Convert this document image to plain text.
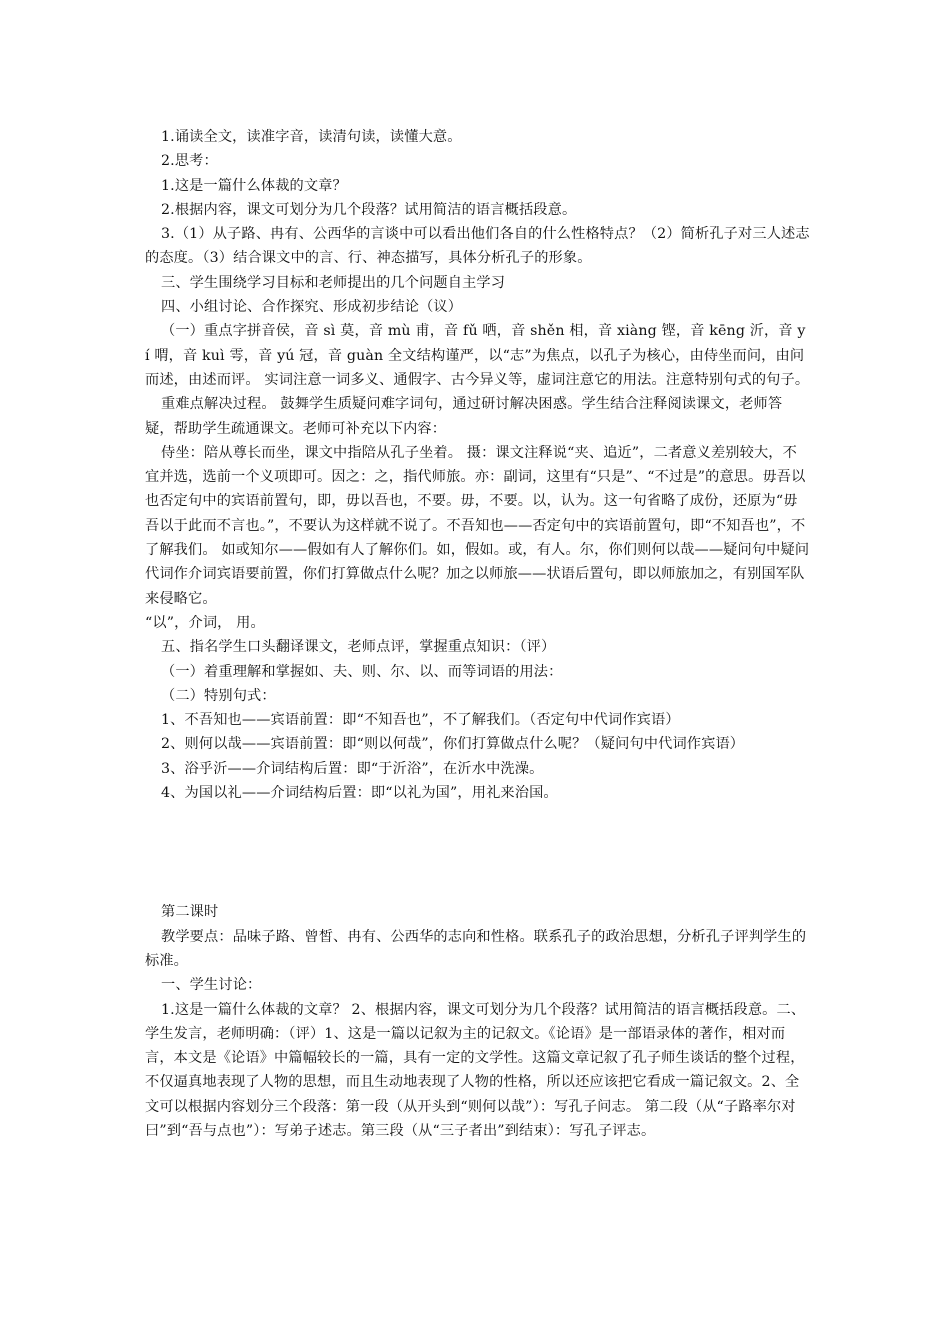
1.诵读全文，读准字音，读清句读，读懂大意。

2.思考：

1.这是一篇什么体裁的文章？

2.根据内容，课文可划分为几个段落？试用简洁的语言概括段意。

3.（1）从子路、冉有、公西华的言谈中可以看出他们各自的什么性格特点？（2）简析孔子对三人述志的态度。（3）结合课文中的言、行、神态描写，具体分析孔子的形象。

三、学生围绕学习目标和老师提出的几个问题自主学习

四、小组讨论、合作探究、形成初步结论（议）

（一）重点字拼音侯，音 sì 莫，音 mù 甫，音 fǔ 哂，音 shěn 相，音 xiàng 铿，音 kēng 沂，音 yí 喟，音 kuì 雩，音 yú 冠，音 guàn 全文结构谨严，以“志”为焦点，以孔子为核心，由侍坐而问，由问而述，由述而评。 实词注意一词多义、通假字、古今异义等，虚词注意它的用法。注意特别句式的句子。

重难点解决过程。 鼓舞学生质疑问难字词句，通过研讨解决困惑。学生结合注释阅读课文，老师答疑，帮助学生疏通课文。老师可补充以下内容：

侍坐：陪从尊长而坐，课文中指陪从孔子坐着。 摄：课文注释说“夹、追近”，二者意义差别较大，不宜并选，选前一个义项即可。因之：之，指代师旅。亦：副词，这里有“只是”、“不过是”的意思。毋吾以也否定句中的宾语前置句，即，毋以吾也，不要。毋，不要。以，认为。这一句省略了成份，还原为“毋吾以于此而不言也。”，不要认为这样就不说了。不吾知也——否定句中的宾语前置句，即“不知吾也”，不了解我们。 如或知尔——假如有人了解你们。如，假如。或，有人。尔，你们则何以哉——疑问句中疑问代词作介词宾语要前置，你们打算做点什么呢？加之以师旅——状语后置句，即以师旅加之，有别国军队来侵略它。

“以”，介词， 用。

五、指名学生口头翻译课文，老师点评，掌握重点知识：（评）

（一）着重理解和掌握如、夫、则、尔、以、而等词语的用法：

（二）特别句式：

1、不吾知也——宾语前置：即“不知吾也”，不了解我们。（否定句中代词作宾语）

2、则何以哉——宾语前置：即“则以何哉”，你们打算做点什么呢？（疑问句中代词作宾语）

3、浴乎沂——介词结构后置：即“于沂浴”，在沂水中洗澡。

4、为国以礼——介词结构后置：即“以礼为国”，用礼来治国。

第二课时

教学要点：品味子路、曾皙、冉有、公西华的志向和性格。联系孔子的政治思想，分析孔子评判学生的标准。

一、学生讨论：

1.这是一篇什么体裁的文章？ 2、根据内容，课文可划分为几个段落？试用简洁的语言概括段意。二、学生发言，老师明确：（评）1、这是一篇以记叙为主的记叙文。《论语》是一部语录体的著作，相对而言，本文是《论语》中篇幅较长的一篇，具有一定的文学性。这篇文章记叙了孔子师生谈话的整个过程，不仅逼真地表现了人物的思想，而且生动地表现了人物的性格，所以还应该把它看成一篇记叙文。2、全文可以根据内容划分三个段落：第一段（从开头到“则何以哉”）：写孔子问志。 第二段（从“子路率尔对曰”到“吾与点也”）：写弟子述志。第三段（从“三子者出”到结束）：写孔子评志。
